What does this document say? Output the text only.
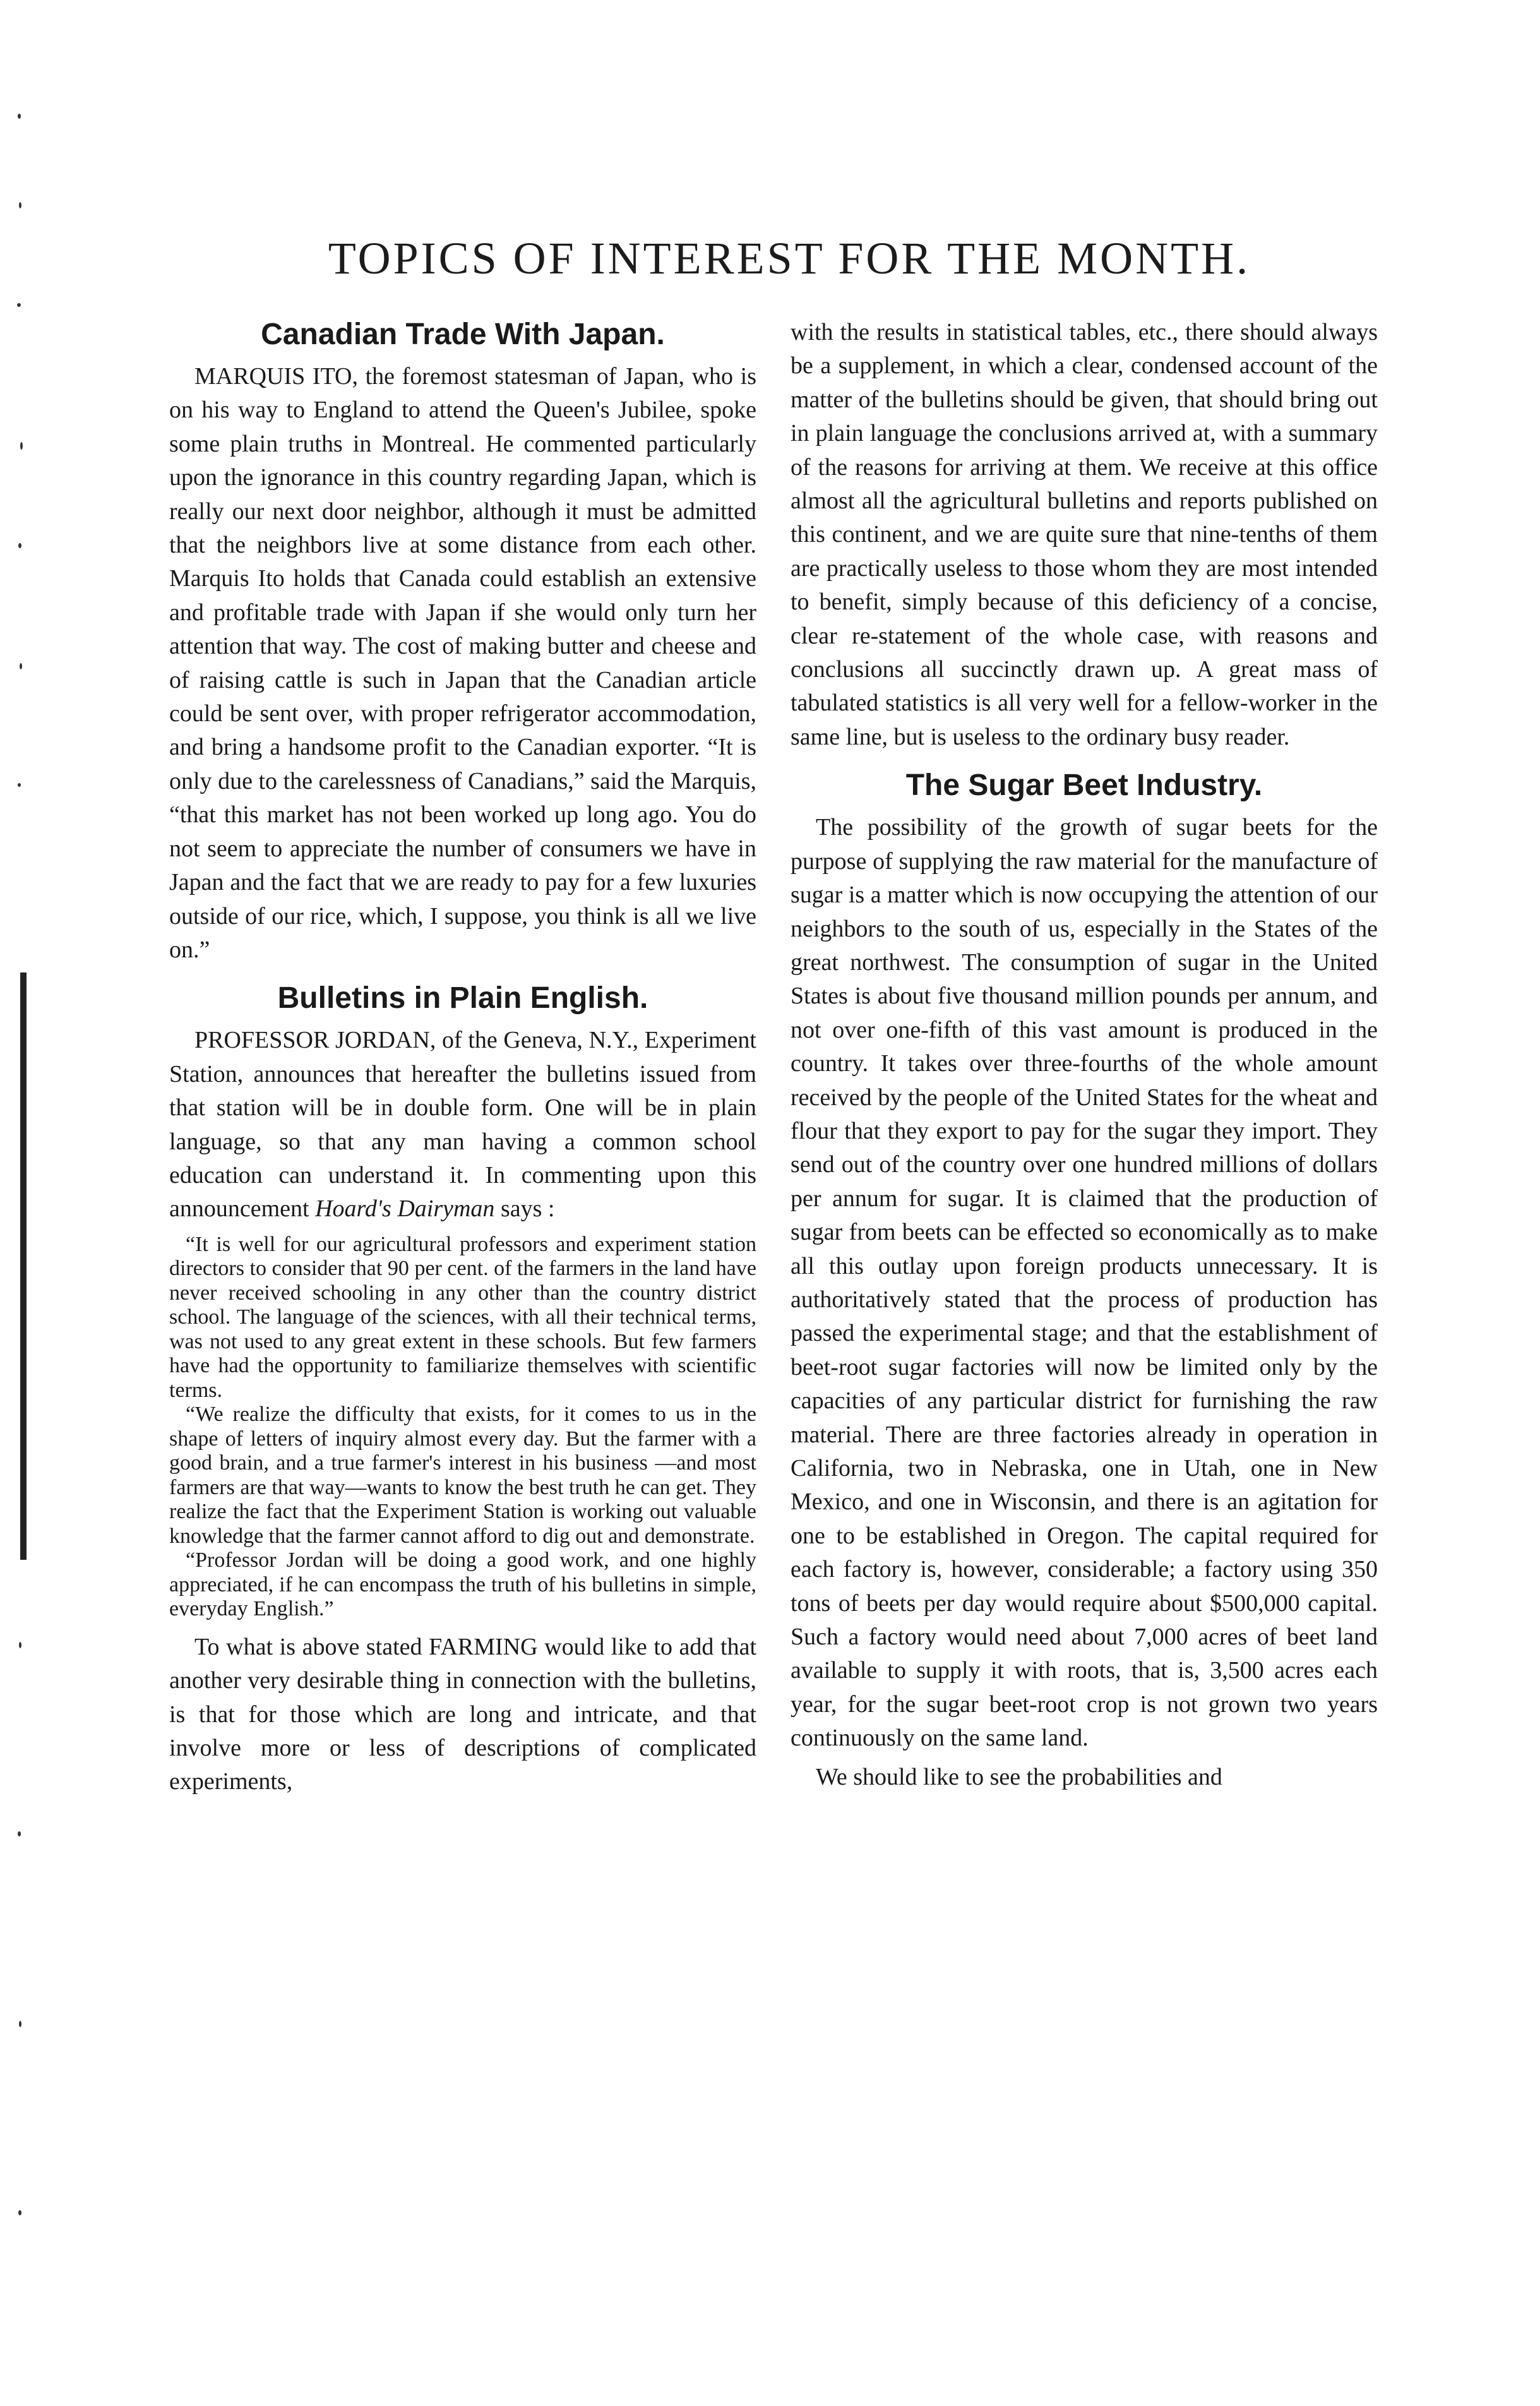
TOPICS OF INTEREST FOR THE MONTH.
Canadian Trade With Japan.

MARQUIS ITO, the foremost statesman of Japan, who is on his way to England to attend the Queen's Jubilee, spoke some plain truths in Montreal. He commented particularly upon the ignorance in this country regarding Japan, which is really our next door neighbor, although it must be admitted that the neighbors live at some distance from each other. Marquis Ito holds that Canada could establish an extensive and profitable trade with Japan if she would only turn her attention that way. The cost of making butter and cheese and of raising cattle is such in Japan that the Canadian article could be sent over, with proper refrigerator accommodation, and bring a handsome profit to the Canadian exporter. “It is only due to the carelessness of Canadians,” said the Marquis, “that this market has not been worked up long ago. You do not seem to appreciate the number of consumers we have in Japan and the fact that we are ready to pay for a few luxuries outside of our rice, which, I suppose, you think is all we live on.”

Bulletins in Plain English.

PROFESSOR JORDAN, of the Geneva, N.Y., Experiment Station, announces that hereafter the bulletins issued from that station will be in double form. One will be in plain language, so that any man having a common school education can understand it. In commenting upon this announcement Hoard's Dairyman says :

“It is well for our agricultural professors and experiment station directors to consider that 90 per cent. of the farmers in the land have never received schooling in any other than the country district school. The language of the sciences, with all their technical terms, was not used to any great extent in these schools. But few farmers have had the opportunity to familiarize themselves with scientific terms.

“We realize the difficulty that exists, for it comes to us in the shape of letters of inquiry almost every day. But the farmer with a good brain, and a true farmer's interest in his business —and most farmers are that way—wants to know the best truth he can get. They realize the fact that the Experiment Station is working out valuable knowledge that the farmer cannot afford to dig out and demonstrate.

“Professor Jordan will be doing a good work, and one highly appreciated, if he can encompass the truth of his bulletins in simple, everyday English.”

To what is above stated FARMING would like to add that another very desirable thing in connection with the bulletins, is that for those which are long and intricate, and that involve more or less of descriptions of complicated experiments,

with the results in statistical tables, etc., there should always be a supplement, in which a clear, condensed account of the matter of the bulletins should be given, that should bring out in plain language the conclusions arrived at, with a summary of the reasons for arriving at them. We receive at this office almost all the agricultural bulletins and reports published on this continent, and we are quite sure that nine-tenths of them are practically useless to those whom they are most intended to benefit, simply because of this deficiency of a concise, clear re-statement of the whole case, with reasons and conclusions all succinctly drawn up. A great mass of tabulated statistics is all very well for a fellow-worker in the same line, but is useless to the ordinary busy reader.

The Sugar Beet Industry.

The possibility of the growth of sugar beets for the purpose of supplying the raw material for the manufacture of sugar is a matter which is now occupying the attention of our neighbors to the south of us, especially in the States of the great northwest. The consumption of sugar in the United States is about five thousand million pounds per annum, and not over one-fifth of this vast amount is produced in the country. It takes over three-fourths of the whole amount received by the people of the United States for the wheat and flour that they export to pay for the sugar they import. They send out of the country over one hundred millions of dollars per annum for sugar. It is claimed that the production of sugar from beets can be effected so economically as to make all this outlay upon foreign products unnecessary. It is authoritatively stated that the process of production has passed the experimental stage; and that the establishment of beet-root sugar factories will now be limited only by the capacities of any particular district for furnishing the raw material. There are three factories already in operation in California, two in Nebraska, one in Utah, one in New Mexico, and one in Wisconsin, and there is an agitation for one to be established in Oregon. The capital required for each factory is, however, considerable; a factory using 350 tons of beets per day would require about $500,000 capital. Such a factory would need about 7,000 acres of beet land available to supply it with roots, that is, 3,500 acres each year, for the sugar beet-root crop is not grown two years continuously on the same land.

We should like to see the probabilities and
